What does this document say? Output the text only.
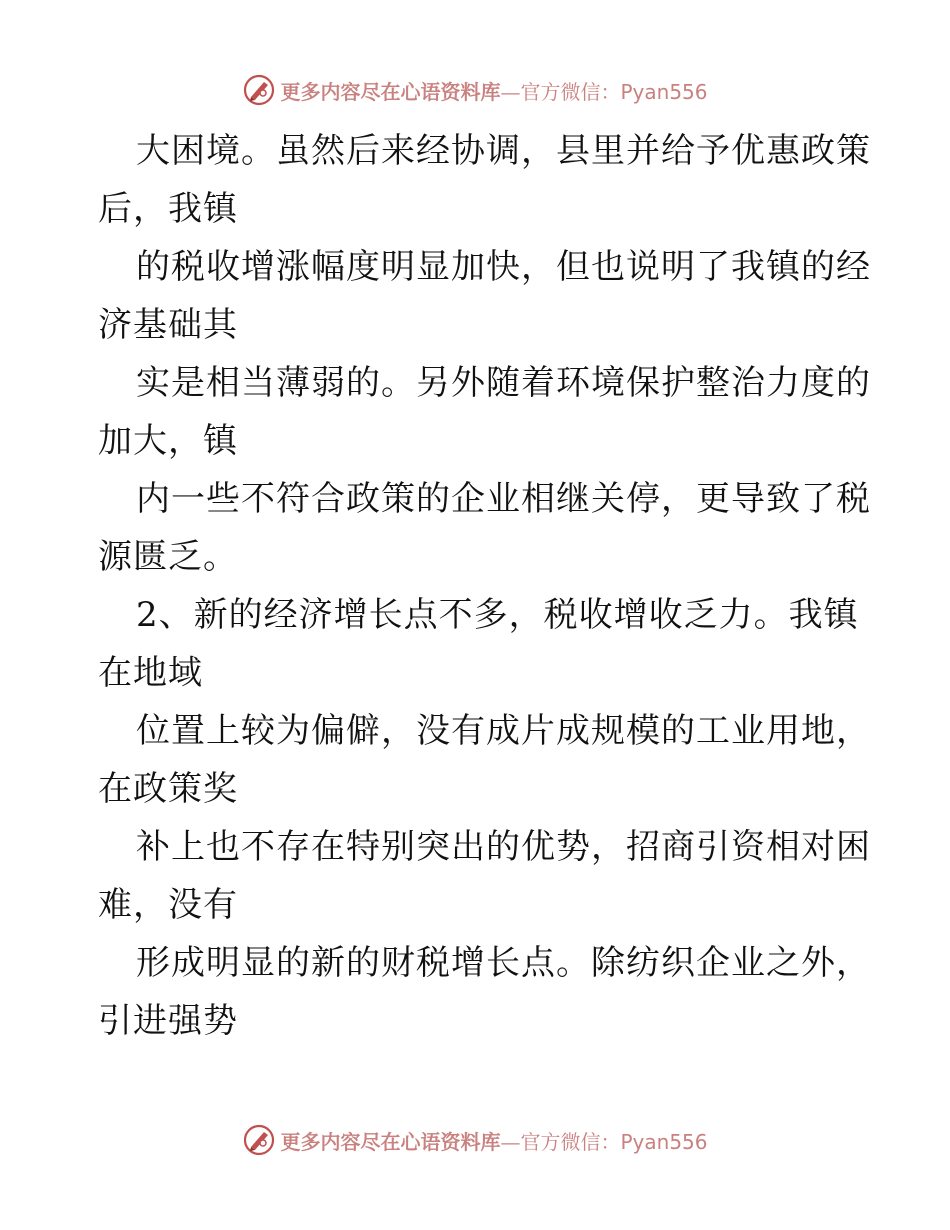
更多内容尽在心语资料库—官方微信：Pyan556
大困境。虽然后来经协调，县里并给予优惠政策
后，我镇
的税收增涨幅度明显加快，但也说明了我镇的经
济基础其
实是相当薄弱的。另外随着环境保护整治力度的
加大，镇
内一些不符合政策的企业相继关停，更导致了税
源匮乏。
2、新的经济增长点不多，税收增收乏力。我镇
在地域
位置上较为偏僻，没有成片成规模的工业用地，
在政策奖
补上也不存在特别突出的优势，招商引资相对困
难，没有
形成明显的新的财税增长点。除纺织企业之外，
引进强势
更多内容尽在心语资料库—官方微信：Pyan556
